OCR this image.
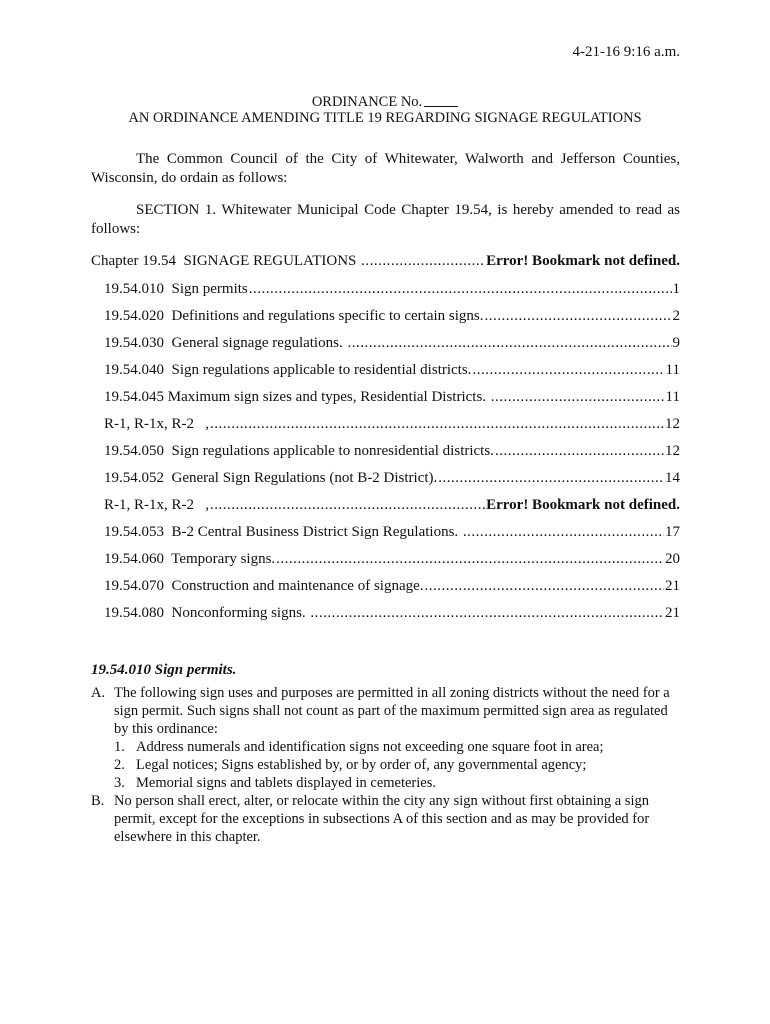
4-21-16 9:16 a.m.
ORDINANCE No.
AN ORDINANCE AMENDING TITLE 19 REGARDING SIGNAGE REGULATIONS
The Common Council of the City of Whitewater, Walworth and Jefferson Counties, Wisconsin, do ordain as follows:
SECTION 1. Whitewater Municipal Code Chapter 19.54, is hereby amended to read as follows:
Chapter 19.54  SIGNAGE REGULATIONS .....	Error! Bookmark not defined.
19.54.010  Sign permits .....	1
19.54.020  Definitions and regulations specific to certain signs. .....	2
19.54.030  General signage regulations. .....	9
19.54.040  Sign regulations applicable to residential districts. .....	11
19.54.045 Maximum sign sizes and types, Residential Districts. .....	11
R-1, R-1x, R-2   , .....	12
19.54.050  Sign regulations applicable to nonresidential districts. .....	12
19.54.052  General Sign Regulations (not B-2 District). .....	14
R-1, R-1x, R-2   , .....	Error! Bookmark not defined.
19.54.053  B-2 Central Business District Sign Regulations. .....	17
19.54.060  Temporary signs. .....	20
19.54.070  Construction and maintenance of signage. .....	21
19.54.080  Nonconforming signs. .....	21
19.54.010 Sign permits.
A. The following sign uses and purposes are permitted in all zoning districts without the need for a sign permit. Such signs shall not count as part of the maximum permitted sign area as regulated by this ordinance:
1. Address numerals and identification signs not exceeding one square foot in area;
2. Legal notices; Signs established by, or by order of, any governmental agency;
3. Memorial signs and tablets displayed in cemeteries.
B. No person shall erect, alter, or relocate within the city any sign without first obtaining a sign permit, except for the exceptions in subsections A of this section and as may be provided for elsewhere in this chapter.
